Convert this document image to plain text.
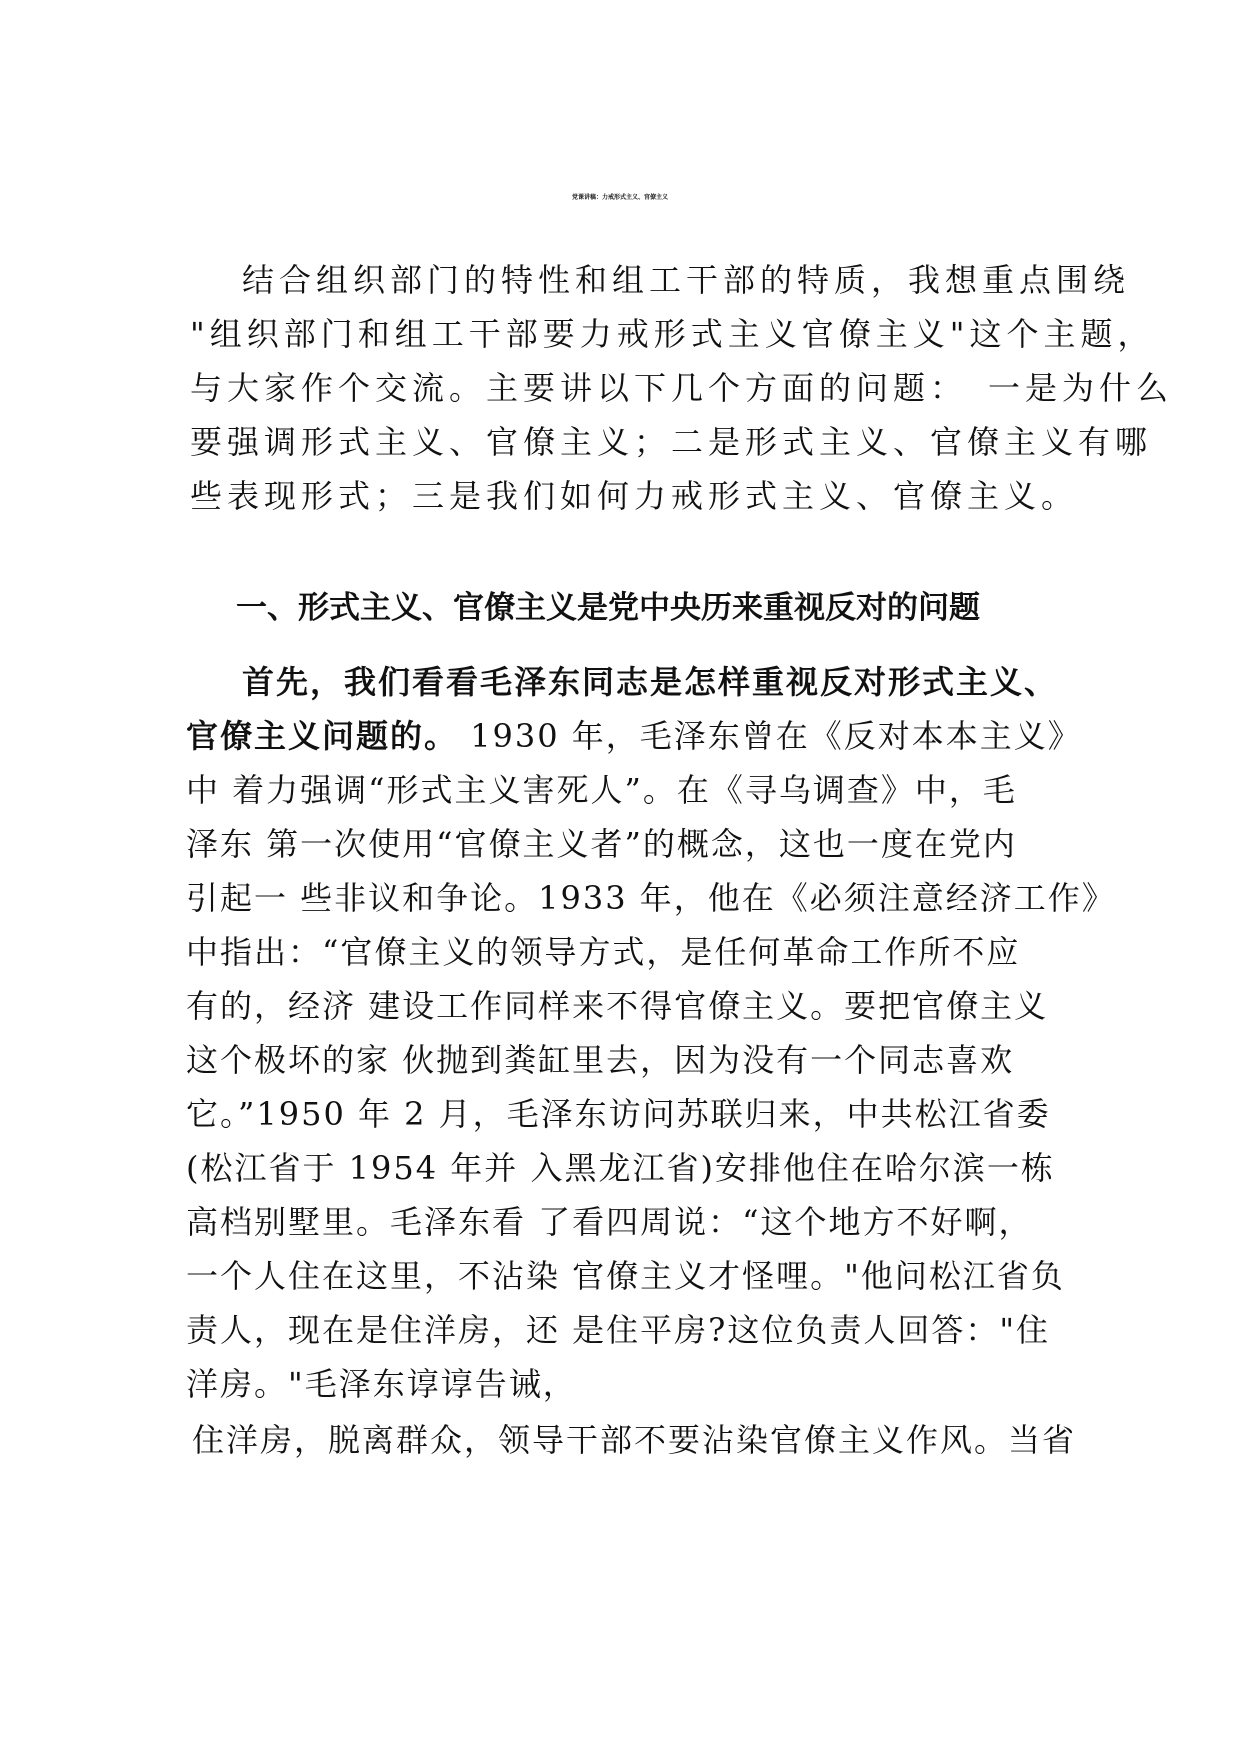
党课讲稿：力戒形式主义、官僚主义

结合组织部门的特性和组工干部的特质，我想重点围绕

"组织部门和组工干部要力戒形式主义官僚主义"这个主题，

与大家作个交流。主要讲以下几个方面的问题：　一是为什么

要强调形式主义、官僚主义；二是形式主义、官僚主义有哪

些表现形式；三是我们如何力戒形式主义、官僚主义。

一、形式主义、官僚主义是党中央历来重视反对的问题

首先，我们看看毛泽东同志是怎样重视反对形式主义、

官僚主义问题的。 1930 年，毛泽东曾在《反对本本主义》

中 着力强调“形式主义害死人”。在《寻乌调查》中，毛

泽东 第一次使用“官僚主义者”的概念，这也一度在党内

引起一 些非议和争论。1933 年，他在《必须注意经济工作》

中指出：“官僚主义的领导方式，是任何革命工作所不应

有的，经济 建设工作同样来不得官僚主义。要把官僚主义

这个极坏的家 伙抛到粪缸里去，因为没有一个同志喜欢

它。”1950 年 2 月，毛泽东访问苏联归来，中共松江省委

(松江省于 1954 年并 入黑龙江省)安排他住在哈尔滨一栋

高档别墅里。毛泽东看 了看四周说：“这个地方不好啊，

一个人住在这里，不沾染 官僚主义才怪哩。"他问松江省负

责人，现在是住洋房，还 是住平房?这位负责人回答："住

洋房。"毛泽东谆谆告诫，

住洋房，脱离群众，领导干部不要沾染官僚主义作风。当省
